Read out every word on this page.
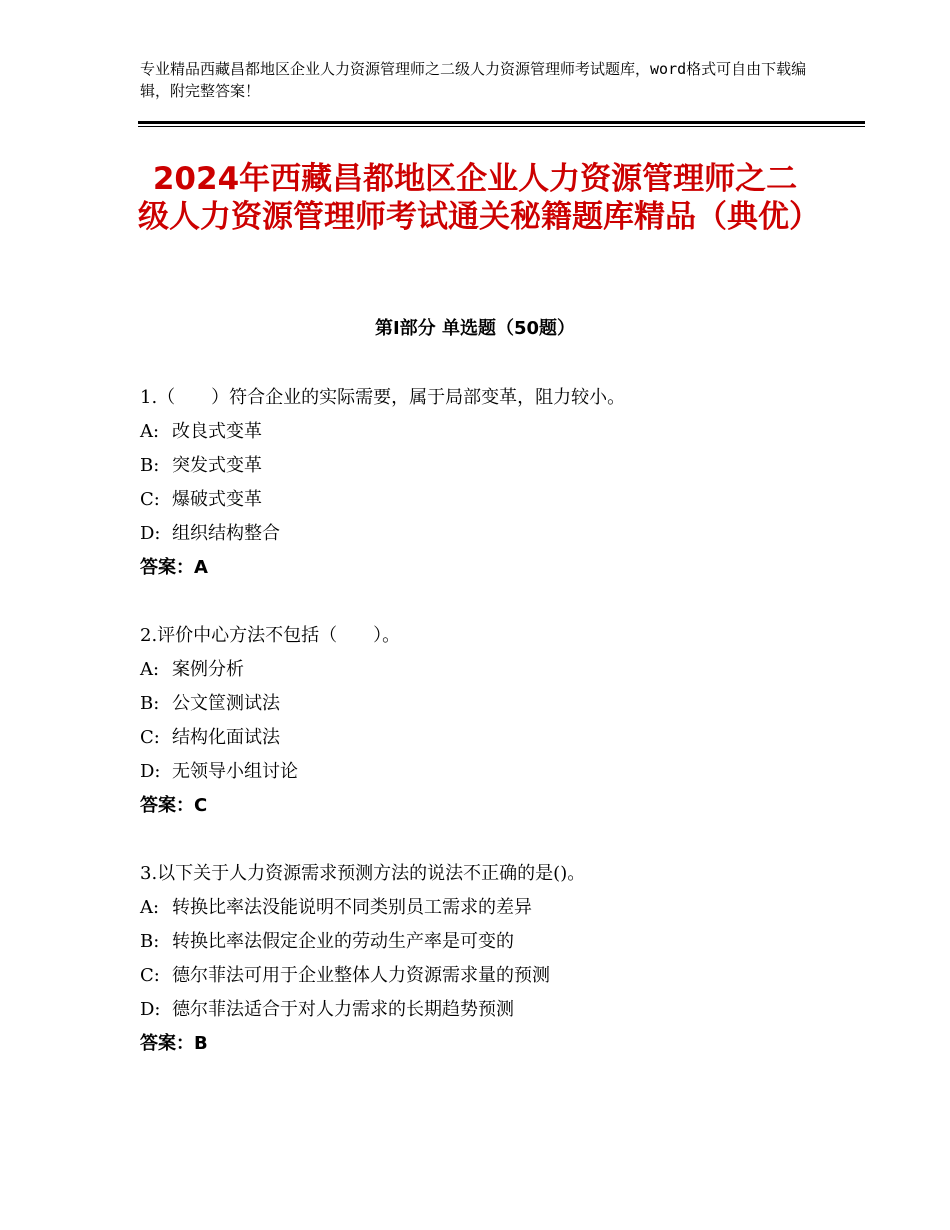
专业精品西藏昌都地区企业人力资源管理师之二级人力资源管理师考试题库，word格式可自由下载编辑，附完整答案！
2024年西藏昌都地区企业人力资源管理师之二级人力资源管理师考试通关秘籍题库精品（典优）
第Ⅰ部分 单选题（50题）
1.（　　）符合企业的实际需要，属于局部变革，阻力较小。
A: 改良式变革
B: 突发式变革
C: 爆破式变革
D: 组织结构整合
答案：A
2.评价中心方法不包括（　　）。
A: 案例分析
B: 公文筐测试法
C: 结构化面试法
D: 无领导小组讨论
答案：C
3.以下关于人力资源需求预测方法的说法不正确的是()。
A: 转换比率法没能说明不同类别员工需求的差异
B: 转换比率法假定企业的劳动生产率是可变的
C: 德尔菲法可用于企业整体人力资源需求量的预测
D: 德尔菲法适合于对人力需求的长期趋势预测
答案：B
